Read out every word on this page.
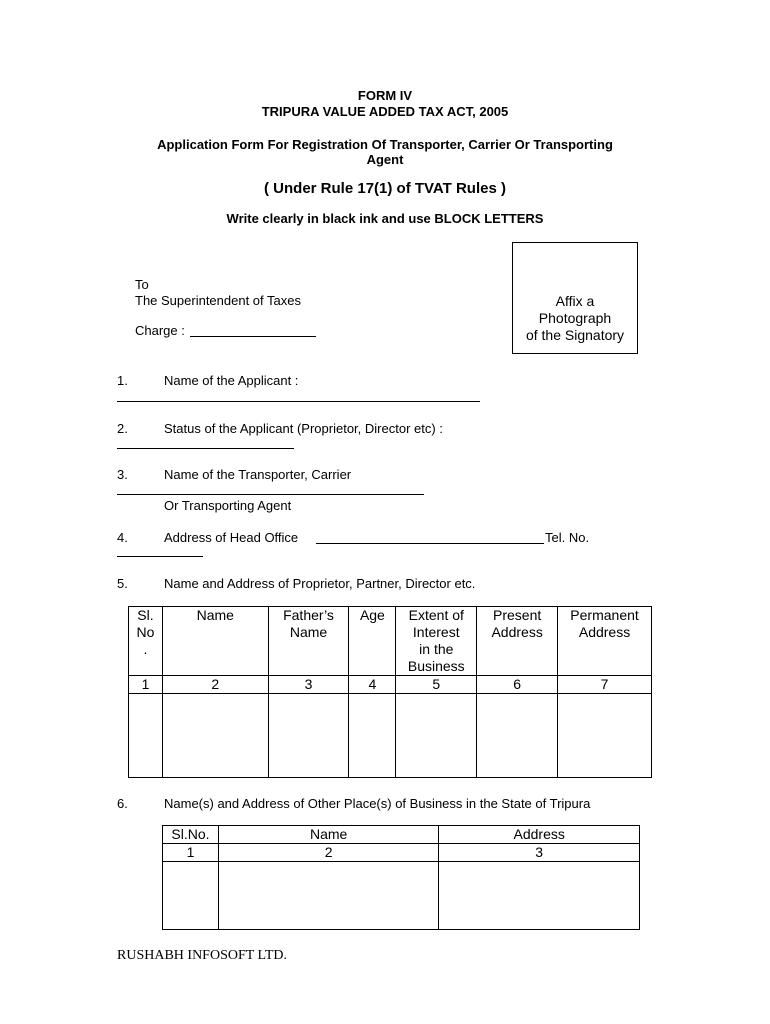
FORM IV
TRIPURA VALUE ADDED TAX ACT, 2005
Application Form For Registration Of Transporter, Carrier Or Transporting
Agent
( Under Rule 17(1) of TVAT Rules )
Write clearly in black ink and use BLOCK LETTERS
To
The Superintendent of Taxes
Charge :
Affix a
Photograph
of the Signatory
1.	Name of the Applicant :
2.	Status of the Applicant (Proprietor, Director etc) :
3.	Name of the Transporter, Carrier
Or Transporting Agent
4.	Address of Head Office	Tel. No.
5.	Name and Address of Proprietor, Partner, Director etc.
Sl.
No
.	Name	Father’s
Name	Age	Extent of
Interest
in the
Business	Present
Address	Permanent
Address
1	2	3	4	5	6	7

6.	Name(s) and Address of Other Place(s) of Business in the State of Tripura
Sl.No.	Name	Address
1	2	3

RUSHABH INFOSOFT LTD.
